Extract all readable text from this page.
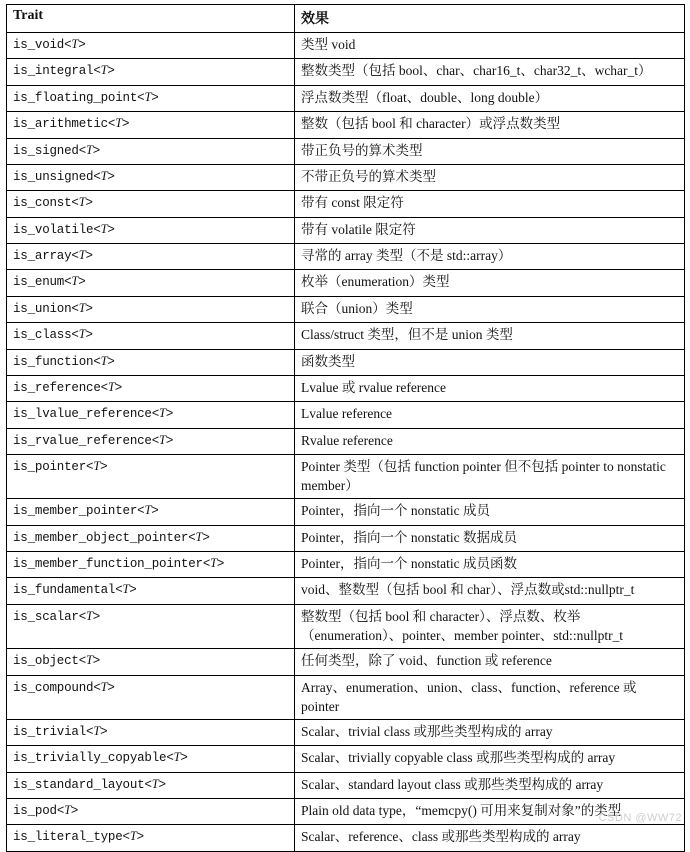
Trait	效果
is_void<T>	类型 void
is_integral<T>	整数类型（包括 bool、char、char16_t、char32_t、wchar_t）
is_floating_point<T>	浮点数类型（float、double、long double）
is_arithmetic<T>	整数（包括 bool 和 character）或浮点数类型
is_signed<T>	带正负号的算术类型
is_unsigned<T>	不带正负号的算术类型
is_const<T>	带有 const 限定符
is_volatile<T>	带有 volatile 限定符
is_array<T>	寻常的 array 类型（不是 std::array）
is_enum<T>	枚举（enumeration）类型
is_union<T>	联合（union）类型
is_class<T>	Class/struct 类型，但不是 union 类型
is_function<T>	函数类型
is_reference<T>	Lvalue 或 rvalue reference
is_lvalue_reference<T>	Lvalue reference
is_rvalue_reference<T>	Rvalue reference
is_pointer<T>	Pointer 类型（包括 function pointer 但不包括 pointer to nonstatic member）
is_member_pointer<T>	Pointer，指向一个 nonstatic 成员
is_member_object_pointer<T>	Pointer，指向一个 nonstatic 数据成员
is_member_function_pointer<T>	Pointer，指向一个 nonstatic 成员函数
is_fundamental<T>	void、整数型（包括 bool 和 char）、浮点数或std::nullptr_t
is_scalar<T>	整数型（包括 bool 和 character）、浮点数、枚举（enumeration）、pointer、member pointer、std::nullptr_t
is_object<T>	任何类型，除了 void、function 或 reference
is_compound<T>	Array、enumeration、union、class、function、reference 或 pointer
is_trivial<T>	Scalar、trivial class 或那些类型构成的 array
is_trivially_copyable<T>	Scalar、trivially copyable class 或那些类型构成的 array
is_standard_layout<T>	Scalar、standard layout class 或那些类型构成的 array
is_pod<T>	Plain old data type，“memcpy() 可用来复制对象”的类型
is_literal_type<T>	Scalar、reference、class 或那些类型构成的 array
CSDN @WW72
